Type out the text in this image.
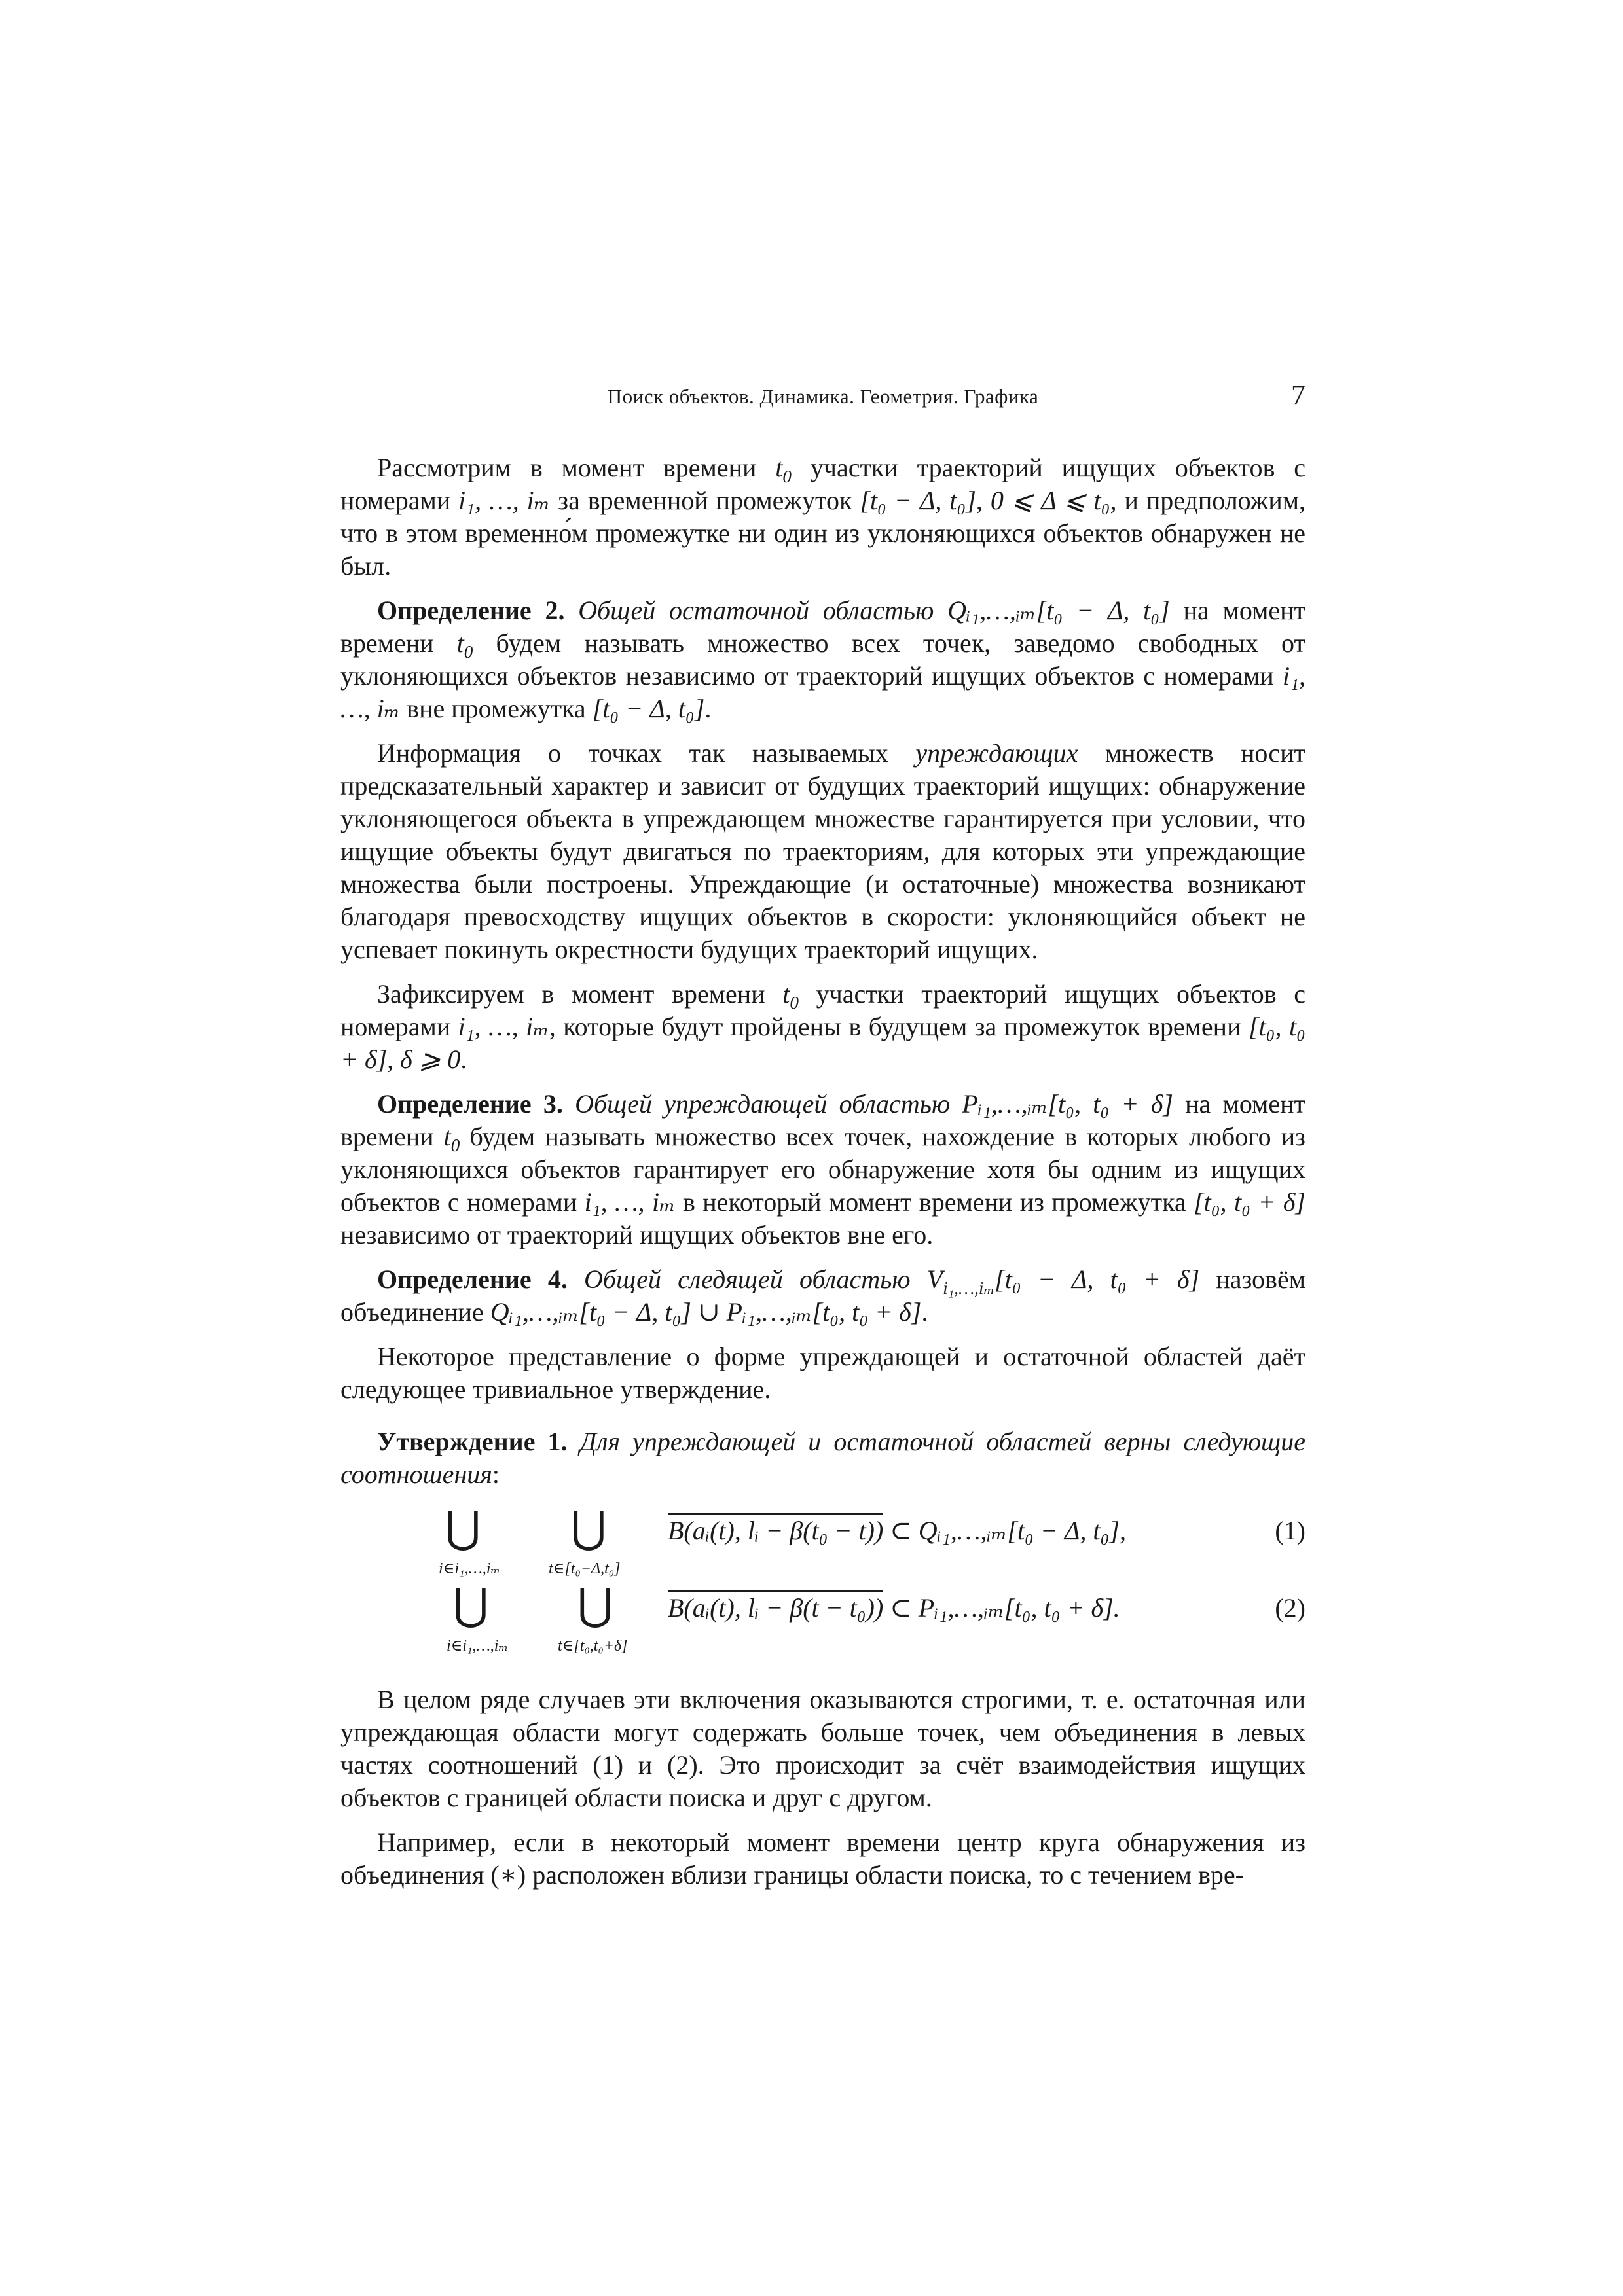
Поиск объектов. Динамика. Геометрия. Графика	7

Рассмотрим в момент времени $t_0$ участки траекторий ищущих объектов с номерами i₁, …, iₘ за временной промежуток [t₀ − Δ, t₀], 0 ⩽ Δ ⩽ t₀, и предположим, что в этом временно́м промежутке ни один из уклоняющихся объектов обнаружен не был.

Определение 2. Общей остаточной областью Qᵢ₁,…,ᵢₘ[t₀ − Δ, t₀] на момент времени $t_0$ будем называть множество всех точек, заведомо свободных от уклоняющихся объектов независимо от траекторий ищущих объектов с номерами i₁, …, iₘ вне промежутка [t₀ − Δ, t₀].

Информация о точках так называемых упреждающих множеств носит предсказательный характер и зависит от будущих траекторий ищущих: обнаружение уклоняющегося объекта в упреждающем множестве гарантируется при условии, что ищущие объекты будут двигаться по траекториям, для которых эти упреждающие множества были построены. Упреждающие (и остаточные) множества возникают благодаря превосходству ищущих объектов в скорости: уклоняющийся объект не успевает покинуть окрестности будущих траекторий ищущих.

Зафиксируем в момент времени $t_0$ участки траекторий ищущих объектов с номерами i₁, …, iₘ, которые будут пройдены в будущем за промежуток времени [t₀, t₀ + δ], δ ⩾ 0.

Определение 3. Общей упреждающей областью Pᵢ₁,…,ᵢₘ[t₀, t₀ + δ] на момент времени $t_0$ будем называть множество всех точек, нахождение в которых любого из уклоняющихся объектов гарантирует его обнаружение хотя бы одним из ищущих объектов с номерами i₁, …, iₘ в некоторый момент времени из промежутка [t₀, t₀ + δ] независимо от траекторий ищущих объектов вне его.

Определение 4. Общей следящей областью $V_{i_1,\dots,i_m}[t_0 - \Delta$, t₀ + δ] назовём объединение Qᵢ₁,…,ᵢₘ[t₀ − Δ, t₀] ∪ Pᵢ₁,…,ᵢₘ[t₀, t₀ + δ].

Некоторое представление о форме упреждающей и остаточной областей даёт следующее тривиальное утверждение.

Утверждение 1. Для упреждающей и остаточной областей верны следующие соотношения:

⋃
i∈i₁,…,iₘ
⋃
t∈[t₀−Δ,t₀]
B(aᵢ(t), lᵢ − β(t₀ − t)) ⊂ Qᵢ₁,…,ᵢₘ[t₀ − Δ, t₀],	(1)
⋃
i∈i₁,…,iₘ
⋃
t∈[t₀,t₀+δ]
B(aᵢ(t), lᵢ − β(t − t₀)) ⊂ Pᵢ₁,…,ᵢₘ[t₀, t₀ + δ].	(2)

В целом ряде случаев эти включения оказываются строгими, т. е. остаточная или упреждающая области могут содержать больше точек, чем объединения в левых частях соотношений (1) и (2). Это происходит за счёт взаимодействия ищущих объектов с границей области поиска и друг с другом.

Например, если в некоторый момент времени центр круга обнаружения из объединения (∗) расположен вблизи границы области поиска, то с течением вре-
